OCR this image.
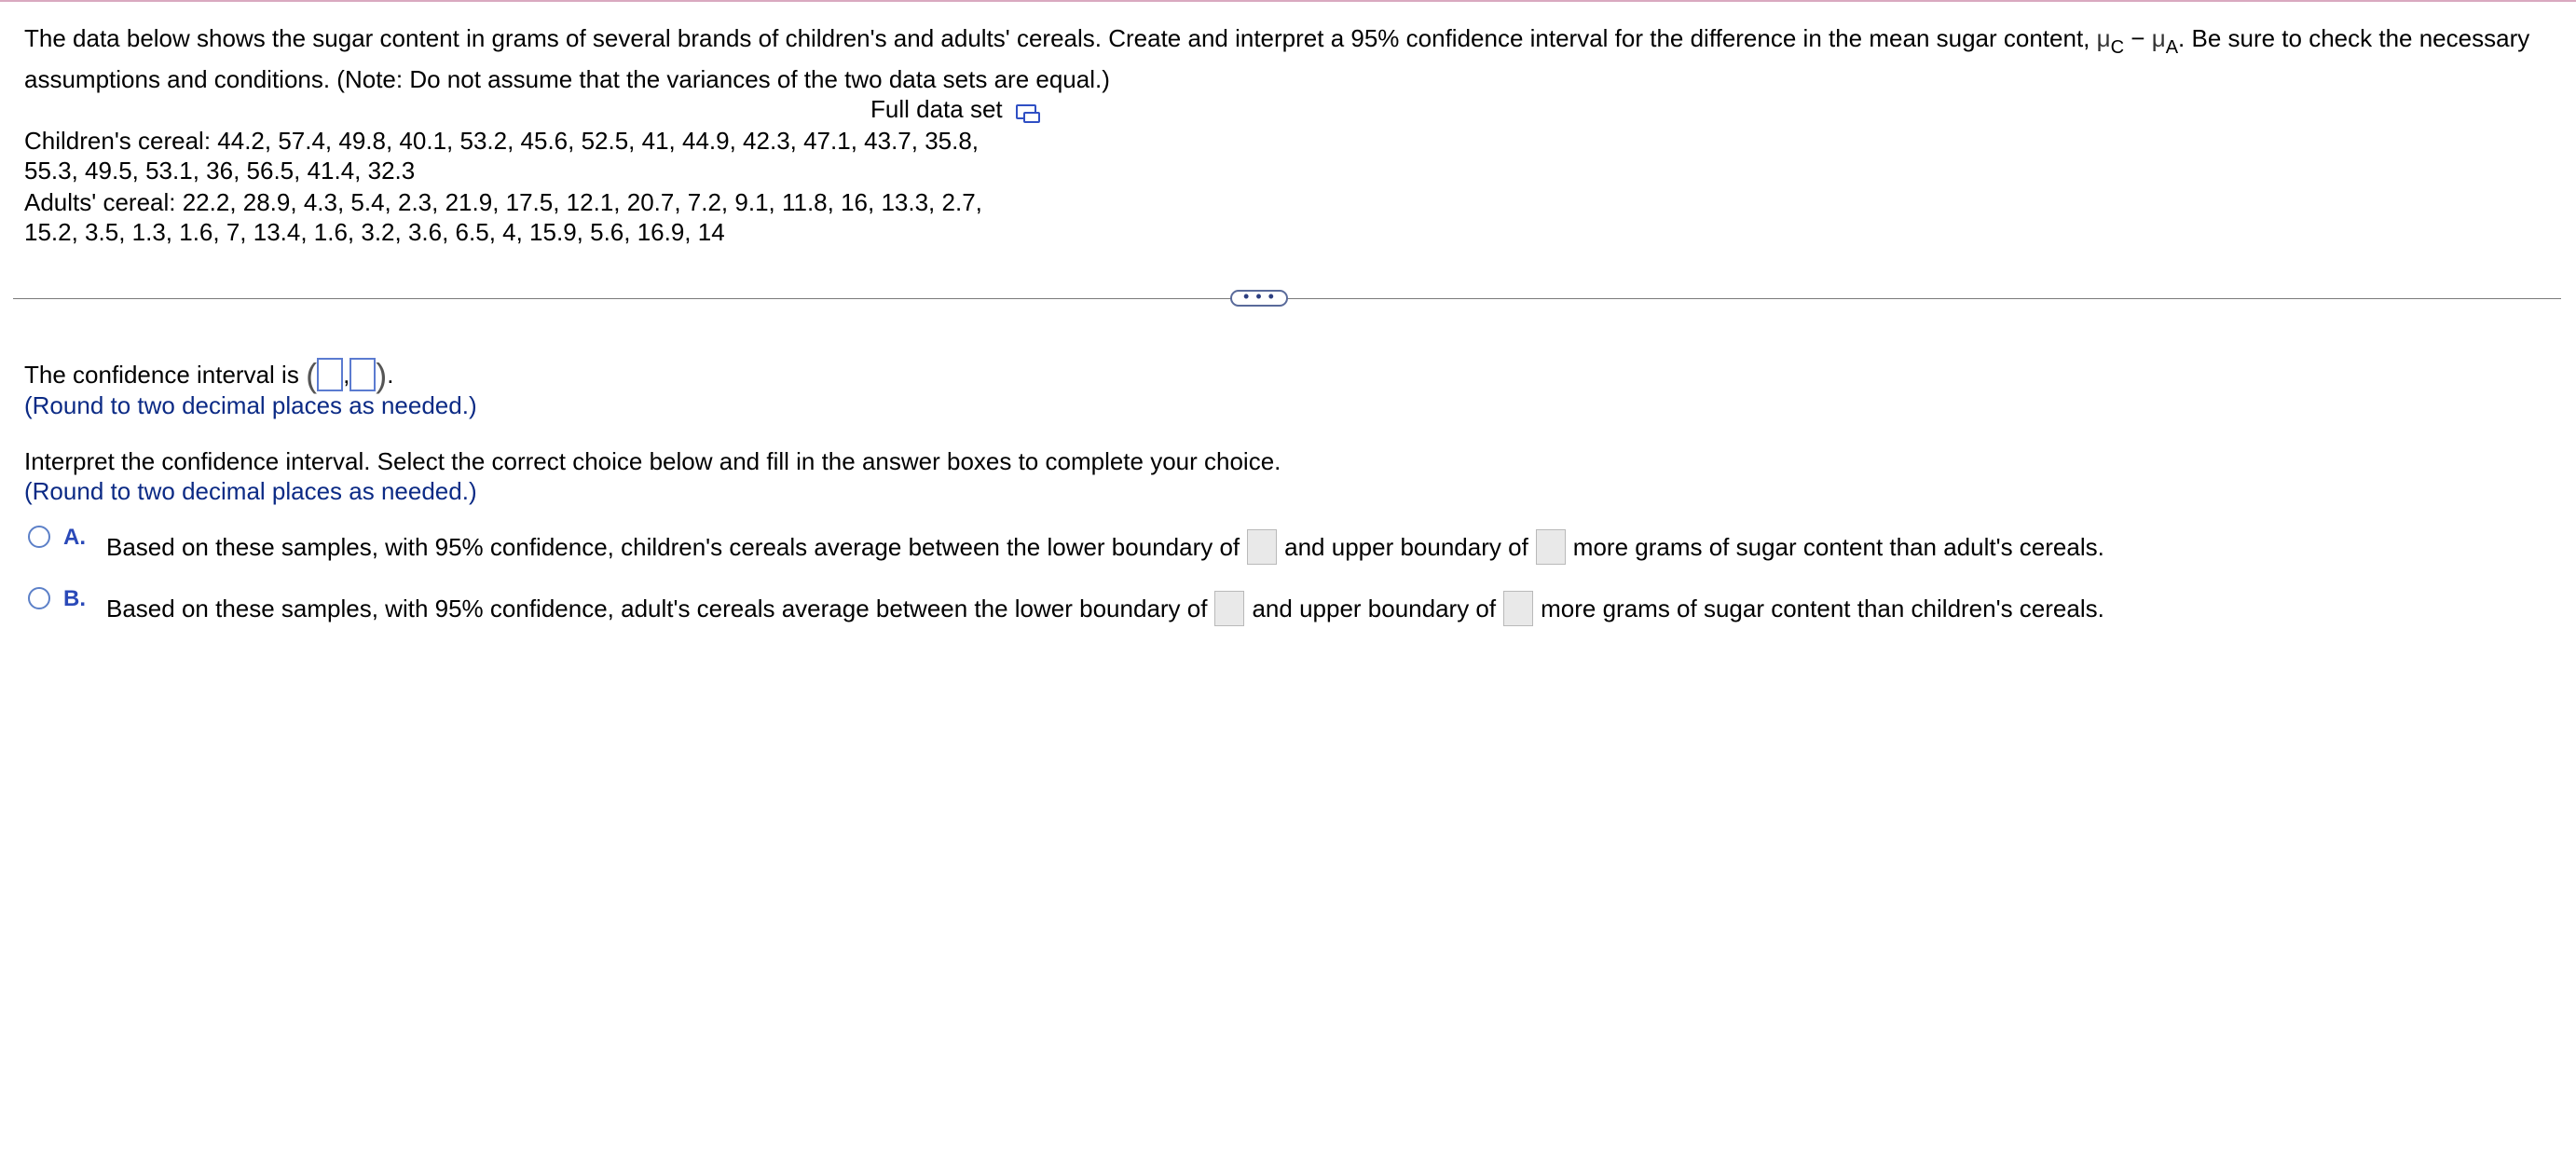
The data below shows the sugar content in grams of several brands of children's and adults' cereals. Create and interpret a 95% confidence interval for the difference in the mean sugar content, $\mu_C - \mu_A$. Be sure to check the necessary
assumptions and conditions. (Note: Do not assume that the variances of the two data sets are equal.)
Full data set
Children's cereal: 44.2, 57.4, 49.8, 40.1, 53.2, 45.6, 52.5, 41, 44.9, 42.3, 47.1, 43.7, 35.8,
55.3, 49.5, 53.1, 36, 56.5, 41.4, 32.3
Adults' cereal: 22.2, 28.9, 4.3, 5.4, 2.3, 21.9, 17.5, 12.1, 20.7, 7.2, 9.1, 11.8, 16, 13.3, 2.7,
15.2, 3.5, 1.3, 1.6, 7, 13.4, 1.6, 3.2, 3.6, 6.5, 4, 15.9, 5.6, 16.9, 14
• • •
The confidence interval is ( , ).
(Round to two decimal places as needed.)
Interpret the confidence interval. Select the correct choice below and fill in the answer boxes to complete your choice.
(Round to two decimal places as needed.)
A. Based on these samples, with 95% confidence, children's cereals average between the lower boundary of and upper boundary of more grams of sugar content than adult's cereals.
B. Based on these samples, with 95% confidence, adult's cereals average between the lower boundary of and upper boundary of more grams of sugar content than children's cereals.
